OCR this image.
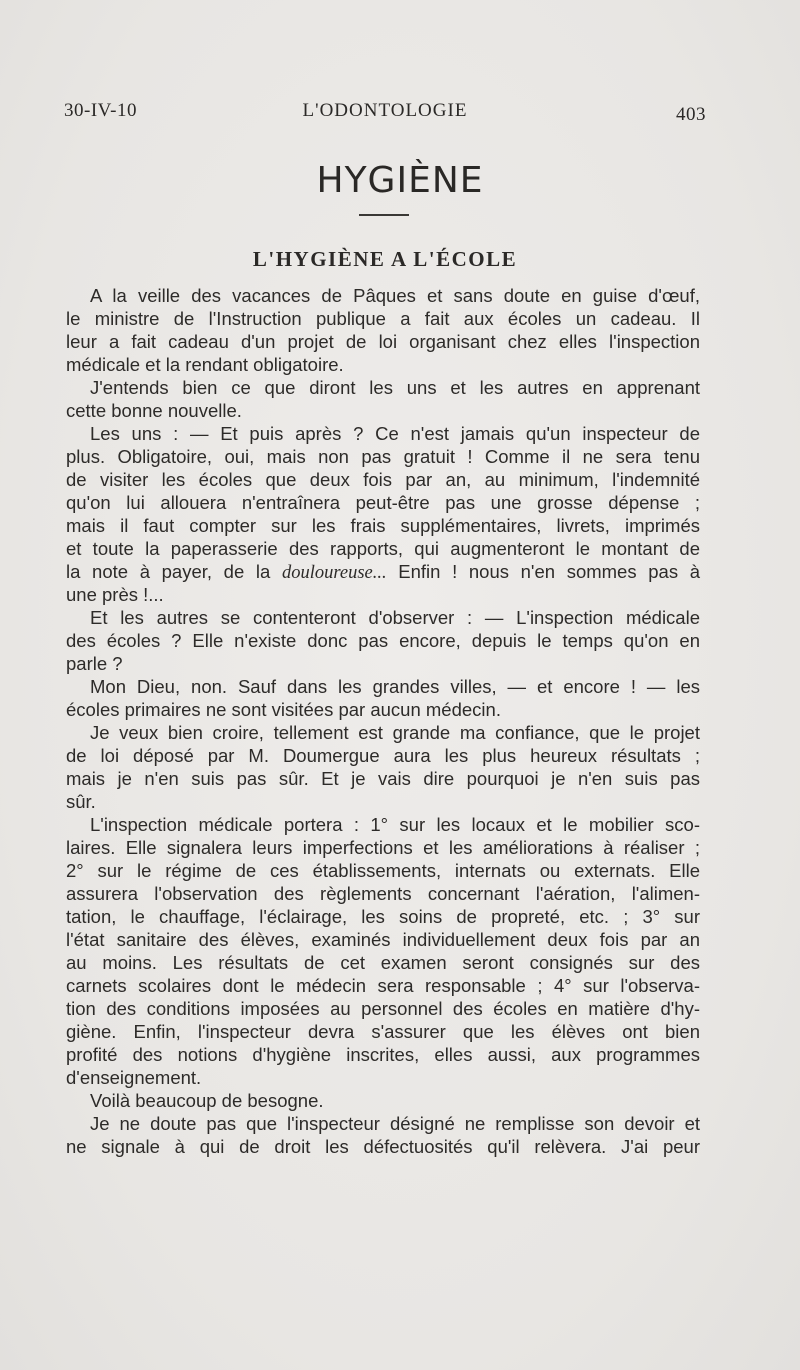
30-IV-10	L'ODONTOLOGIE	403
HYGIÈNE
L'HYGIÈNE A L'ÉCOLE
A la veille des vacances de Pâques et sans doute en guise d'œuf,
le ministre de l'Instruction publique a fait aux écoles un cadeau. Il
leur a fait cadeau d'un projet de loi organisant chez elles l'inspection
médicale et la rendant obligatoire.
J'entends bien ce que diront les uns et les autres en apprenant
cette bonne nouvelle.
Les uns : — Et puis après ? Ce n'est jamais qu'un inspecteur de
plus. Obligatoire, oui, mais non pas gratuit ! Comme il ne sera tenu
de visiter les écoles que deux fois par an, au minimum, l'indemnité
qu'on lui allouera n'entraînera peut-être pas une grosse dépense ;
mais il faut compter sur les frais supplémentaires, livrets, imprimés
et toute la paperasserie des rapports, qui augmenteront le montant de
la note à payer, de la douloureuse... Enfin ! nous n'en sommes pas à
une près !...
Et les autres se contenteront d'observer : — L'inspection médicale
des écoles ? Elle n'existe donc pas encore, depuis le temps qu'on en
parle ?
Mon Dieu, non. Sauf dans les grandes villes, — et encore ! — les
écoles primaires ne sont visitées par aucun médecin.
Je veux bien croire, tellement est grande ma confiance, que le projet
de loi déposé par M. Doumergue aura les plus heureux résultats ;
mais je n'en suis pas sûr. Et je vais dire pourquoi je n'en suis pas
sûr.
L'inspection médicale portera : 1° sur les locaux et le mobilier sco-
laires. Elle signalera leurs imperfections et les améliorations à réaliser ;
2° sur le régime de ces établissements, internats ou externats. Elle
assurera l'observation des règlements concernant l'aération, l'alimen-
tation, le chauffage, l'éclairage, les soins de propreté, etc. ; 3° sur
l'état sanitaire des élèves, examinés individuellement deux fois par an
au moins. Les résultats de cet examen seront consignés sur des
carnets scolaires dont le médecin sera responsable ; 4° sur l'observa-
tion des conditions imposées au personnel des écoles en matière d'hy-
giène. Enfin, l'inspecteur devra s'assurer que les élèves ont bien
profité des notions d'hygiène inscrites, elles aussi, aux programmes
d'enseignement.
Voilà beaucoup de besogne.
Je ne doute pas que l'inspecteur désigné ne remplisse son devoir et
ne signale à qui de droit les défectuosités qu'il relèvera. J'ai peur
